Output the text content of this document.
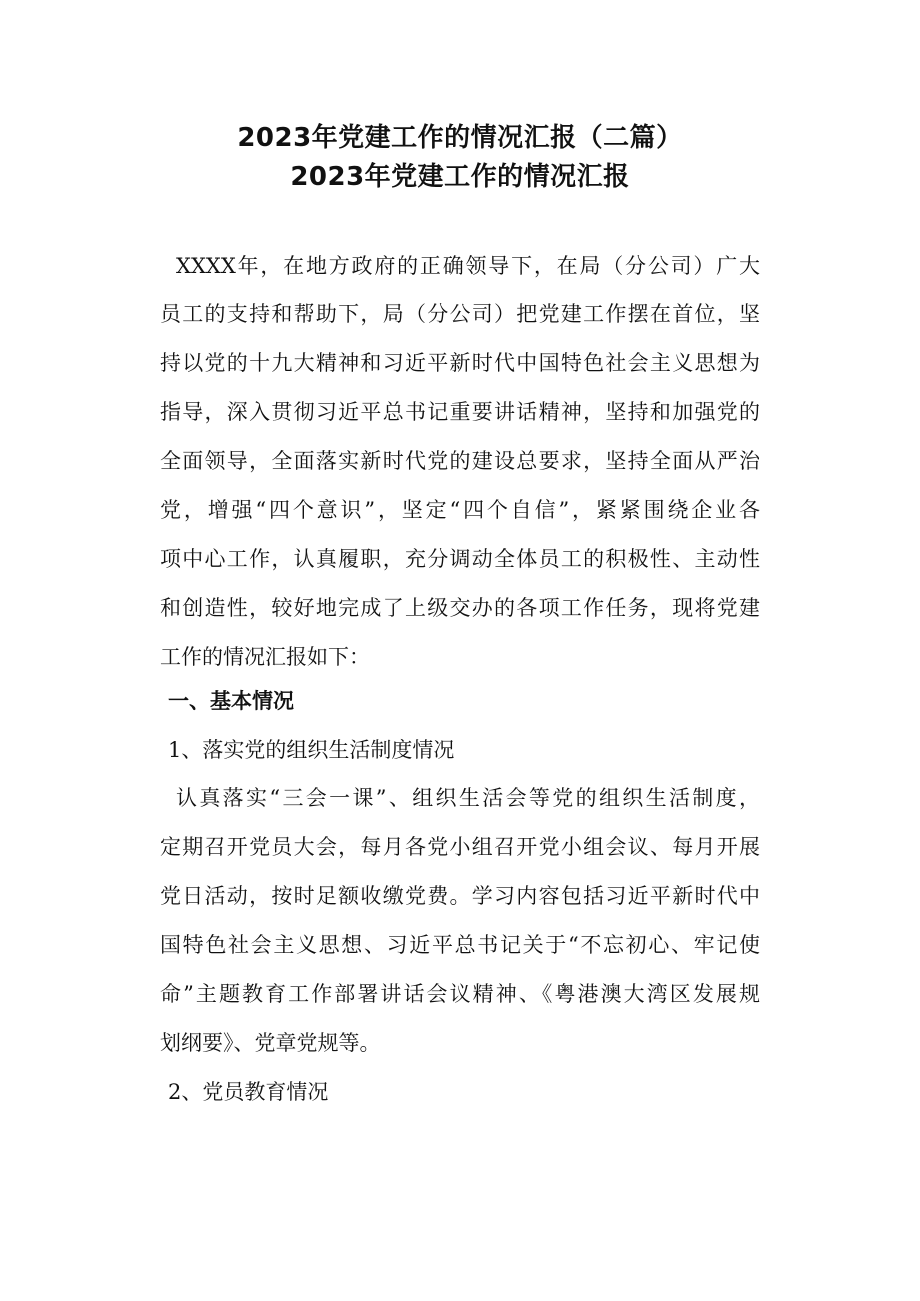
2023年党建工作的情况汇报（二篇）
2023年党建工作的情况汇报
XXXX年，在地方政府的正确领导下，在局（分公司）广大
员工的支持和帮助下，局（分公司）把党建工作摆在首位，坚
持以党的十九大精神和习近平新时代中国特色社会主义思想为
指导，深入贯彻习近平总书记重要讲话精神，坚持和加强党的
全面领导，全面落实新时代党的建设总要求，坚持全面从严治
党，增强“四个意识”，坚定“四个自信”，紧紧围绕企业各
项中心工作，认真履职，充分调动全体员工的积极性、主动性
和创造性，较好地完成了上级交办的各项工作任务，现将党建
工作的情况汇报如下：
一、基本情况
1、落实党的组织生活制度情况
认真落实“三会一课”、组织生活会等党的组织生活制度，
定期召开党员大会，每月各党小组召开党小组会议、每月开展
党日活动，按时足额收缴党费。学习内容包括习近平新时代中
国特色社会主义思想、习近平总书记关于“不忘初心、牢记使
命”主题教育工作部署讲话会议精神、《粤港澳大湾区发展规
划纲要》、党章党规等。
2、党员教育情况
